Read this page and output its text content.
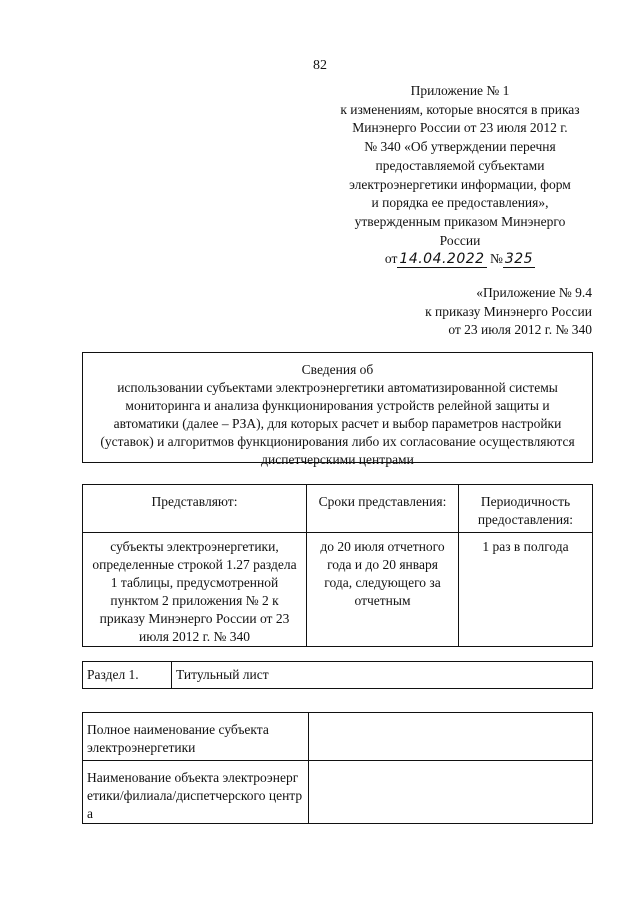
82
Приложение № 1
к изменениям, которые вносятся в приказ
Минэнерго России от 23 июля 2012 г.
№ 340 «Об утверждении перечня
предоставляемой субъектами
электроэнергетики информации, форм
и порядка ее предоставления»,
утвержденным приказом Минэнерго
России
от 14.04.2022 № 325
«Приложение № 9.4
к приказу Минэнерго России
от 23 июля 2012 г. № 340
Сведения об
использовании субъектами электроэнергетики автоматизированной системы
мониторинга и анализа функционирования устройств релейной защиты и
автоматики (далее – РЗА), для которых расчет и выбор параметров настройки
(уставок) и алгоритмов функционирования либо их согласование осуществляются
диспетчерскими центрами
Представляют:	Сроки представления:	Периодичность предоставления:
субъекты электроэнергетики, определенные строкой 1.27 раздела 1 таблицы, предусмотренной пунктом 2 приложения № 2 к приказу Минэнерго России от 23 июля 2012 г. № 340	до 20 июля отчетного года и до 20 января года, следующего за отчетным	1 раз в полгода
Раздел 1.	Титульный лист
Полное наименование субъекта электроэнергетики	
Наименование объекта электроэнергетики/филиала/диспетчерского центра	
